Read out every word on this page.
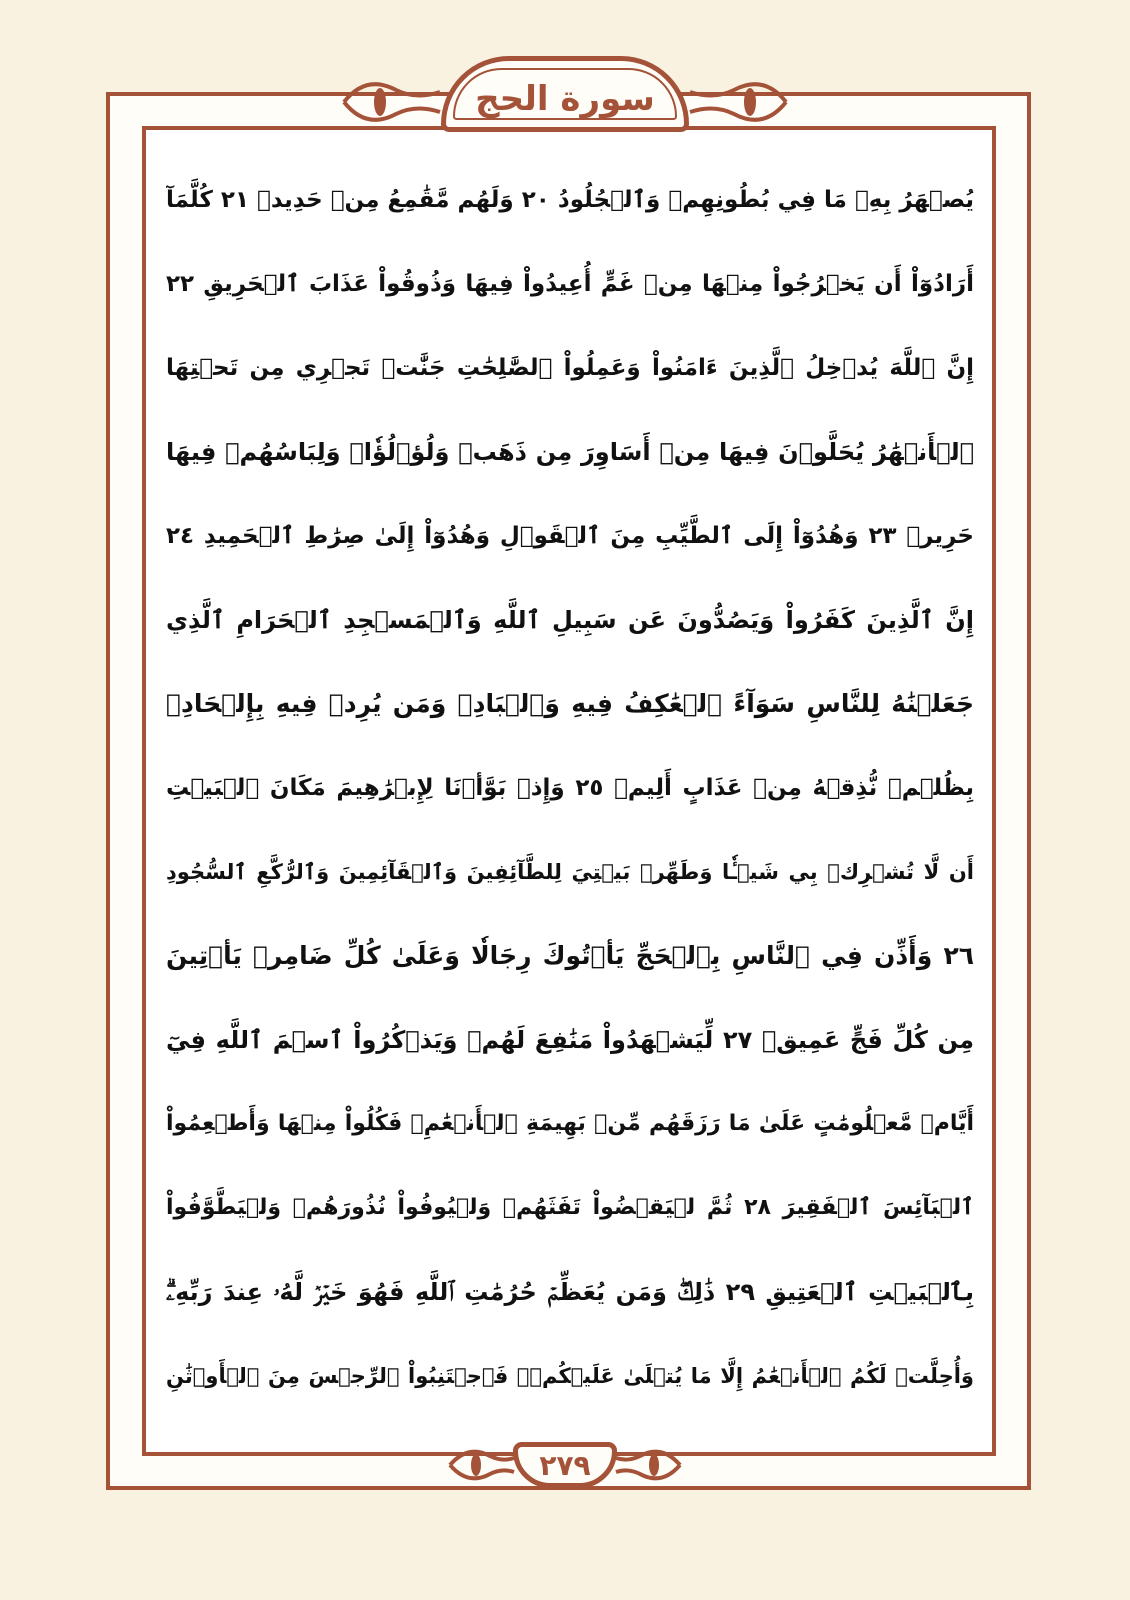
سورة الحج
٢٧٩
يُصۡهَرُ بِهِۦ مَا فِي بُطُونِهِمۡ وَٱلۡجُلُودُ ٢٠ وَلَهُم مَّقَٰمِعُ مِنۡ حَدِيدٖ ٢١ كُلَّمَآ
أَرَادُوٓاْ أَن يَخۡرُجُواْ مِنۡهَا مِنۡ غَمٍّ أُعِيدُواْ فِيهَا وَذُوقُواْ عَذَابَ ٱلۡحَرِيقِ ٢٢
إِنَّ ٱللَّهَ يُدۡخِلُ ٱلَّذِينَ ءَامَنُواْ وَعَمِلُواْ ٱلصَّٰلِحَٰتِ جَنَّٰتٖ تَجۡرِي مِن تَحۡتِهَا
ٱلۡأَنۡهَٰرُ يُحَلَّوۡنَ فِيهَا مِنۡ أَسَاوِرَ مِن ذَهَبٖ وَلُؤۡلُؤٗاۖ وَلِبَاسُهُمۡ فِيهَا
حَرِيرٞ ٢٣ وَهُدُوٓاْ إِلَى ٱلطَّيِّبِ مِنَ ٱلۡقَوۡلِ وَهُدُوٓاْ إِلَىٰ صِرَٰطِ ٱلۡحَمِيدِ ٢٤
إِنَّ ٱلَّذِينَ كَفَرُواْ وَيَصُدُّونَ عَن سَبِيلِ ٱللَّهِ وَٱلۡمَسۡجِدِ ٱلۡحَرَامِ ٱلَّذِي
جَعَلۡنَٰهُ لِلنَّاسِ سَوَآءً ٱلۡعَٰكِفُ فِيهِ وَٱلۡبَادِۚ وَمَن يُرِدۡ فِيهِ بِإِلۡحَادِۭ
بِظُلۡمٖ نُّذِقۡهُ مِنۡ عَذَابٍ أَلِيمٖ ٢٥ وَإِذۡ بَوَّأۡنَا لِإِبۡرَٰهِيمَ مَكَانَ ٱلۡبَيۡتِ
أَن لَّا تُشۡرِكۡ بِي شَيۡـٔٗا وَطَهِّرۡ بَيۡتِيَ لِلطَّآئِفِينَ وَٱلۡقَآئِمِينَ وَٱلرُّكَّعِ ٱلسُّجُودِ
٢٦ وَأَذِّن فِي ٱلنَّاسِ بِٱلۡحَجِّ يَأۡتُوكَ رِجَالٗا وَعَلَىٰ كُلِّ ضَامِرٖ يَأۡتِينَ
مِن كُلِّ فَجٍّ عَمِيقٖ ٢٧ لِّيَشۡهَدُواْ مَنَٰفِعَ لَهُمۡ وَيَذۡكُرُواْ ٱسۡمَ ٱللَّهِ فِيٓ
أَيَّامٖ مَّعۡلُومَٰتٍ عَلَىٰ مَا رَزَقَهُم مِّنۢ بَهِيمَةِ ٱلۡأَنۡعَٰمِۖ فَكُلُواْ مِنۡهَا وَأَطۡعِمُواْ
ٱلۡبَآئِسَ ٱلۡفَقِيرَ ٢٨ ثُمَّ لۡيَقۡضُواْ تَفَثَهُمۡ وَلۡيُوفُواْ نُذُورَهُمۡ وَلۡيَطَّوَّفُواْ
بِٱلۡبَيۡتِ ٱلۡعَتِيقِ ٢٩ ذَٰلِكَۖ وَمَن يُعَظِّمۡ حُرُمَٰتِ ٱللَّهِ فَهُوَ خَيۡرٞ لَّهُۥ عِندَ رَبِّهِۦۗ
وَأُحِلَّتۡ لَكُمُ ٱلۡأَنۡعَٰمُ إِلَّا مَا يُتۡلَىٰ عَلَيۡكُمۡۖ فَٱجۡتَنِبُواْ ٱلرِّجۡسَ مِنَ ٱلۡأَوۡثَٰنِ
